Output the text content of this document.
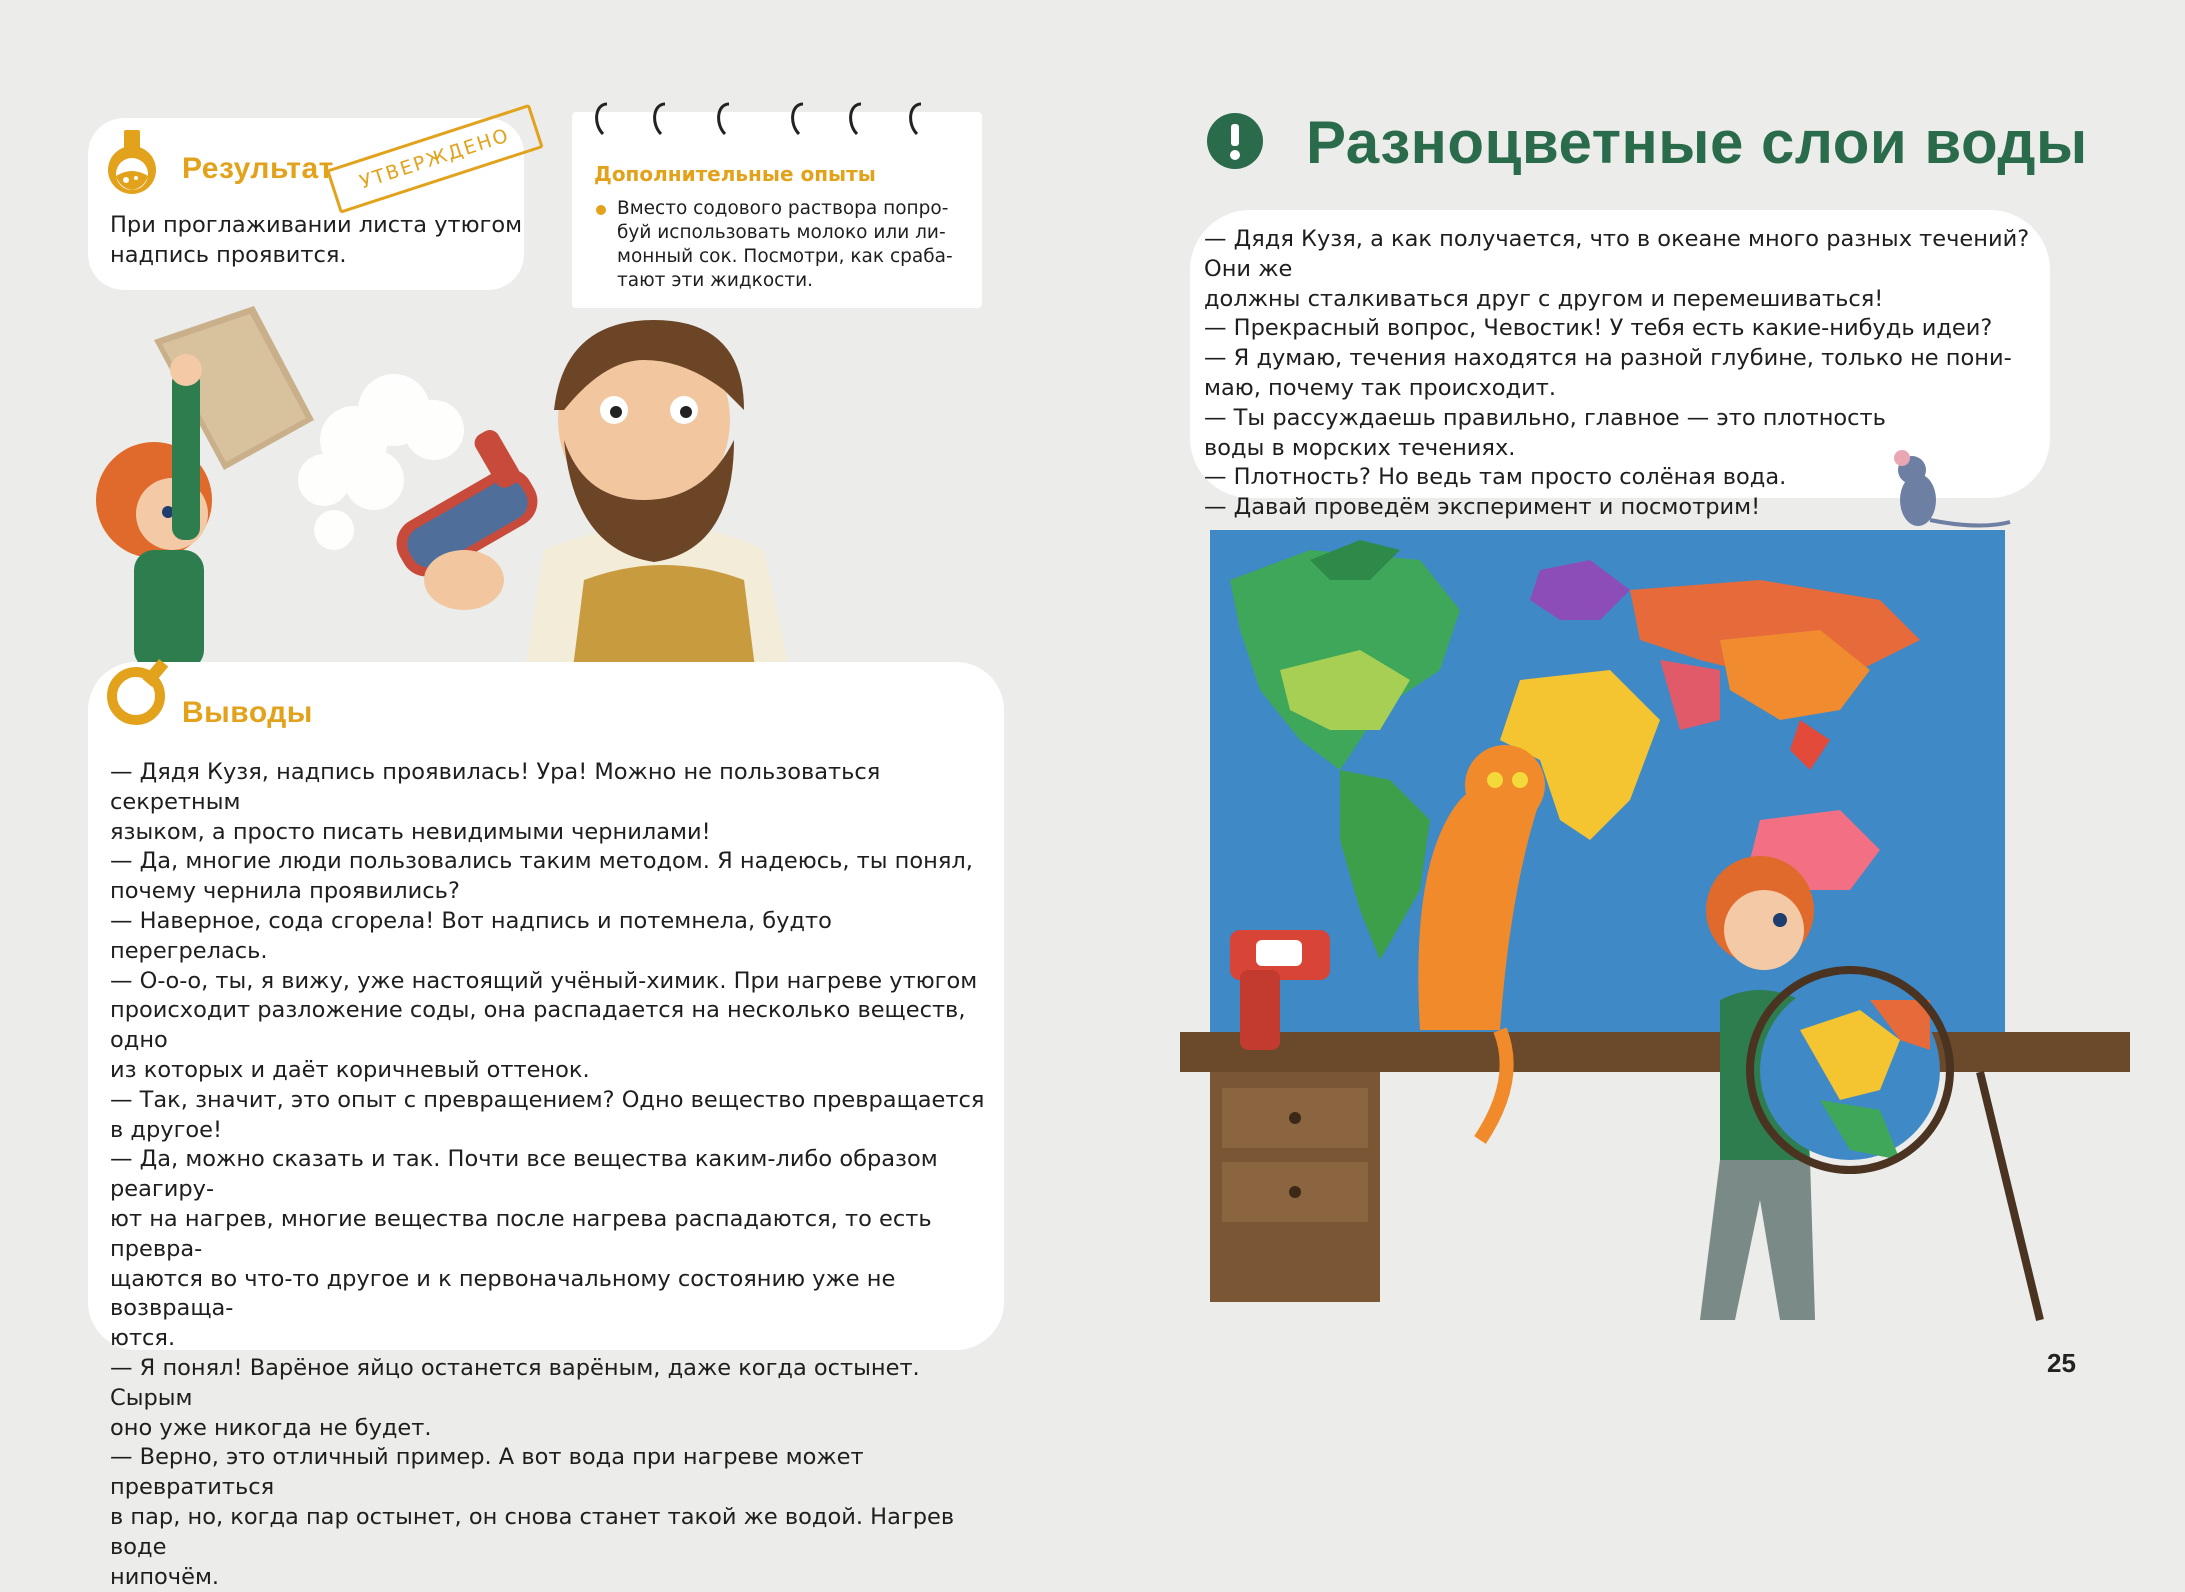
Результат	УТВЕРЖДЕНО
При проглаживании листа утюгом
надпись проявится.
Дополнительные опыты
Вместо содового раствора попро-
буй использовать молоко или ли-
монный сок. Посмотри, как сраба-
тают эти жидкости.
Выводы
— Дядя Кузя, надпись проявилась! Ура! Можно не пользоваться секретным
языком, а просто писать невидимыми чернилами!
— Да, многие люди пользовались таким методом. Я надеюсь, ты понял,
почему чернила проявились?
— Наверное, сода сгорела! Вот надпись и потемнела, будто перегрелась.
— О-о-о, ты, я вижу, уже настоящий учёный-химик. При нагреве утюгом
происходит разложение соды, она распадается на несколько веществ, одно
из которых и даёт коричневый оттенок.
— Так, значит, это опыт с превращением? Одно вещество превращается
в другое!
— Да, можно сказать и так. Почти все вещества каким-либо образом реагиру-
ют на нагрев, многие вещества после нагрева распадаются, то есть превра-
щаются во что-то другое и к первоначальному состоянию уже не возвраща-
ются.
— Я понял! Варёное яйцо останется варёным, даже когда остынет. Сырым
оно уже никогда не будет.
— Верно, это отличный пример. А вот вода при нагреве может превратиться
в пар, но, когда пар остынет, он снова станет такой же водой. Нагрев воде
нипочём.
Разноцветные слои воды
— Дядя Кузя, а как получается, что в океане много разных течений? Они же
должны сталкиваться друг с другом и перемешиваться!
— Прекрасный вопрос, Чевостик! У тебя есть какие-нибудь идеи?
— Я думаю, течения находятся на разной глубине, только не пони-
маю, почему так происходит.
— Ты рассуждаешь правильно, главное — это плотность
воды в морских течениях.
— Плотность? Но ведь там просто солёная вода.
— Давай проведём эксперимент и посмотрим!
25
